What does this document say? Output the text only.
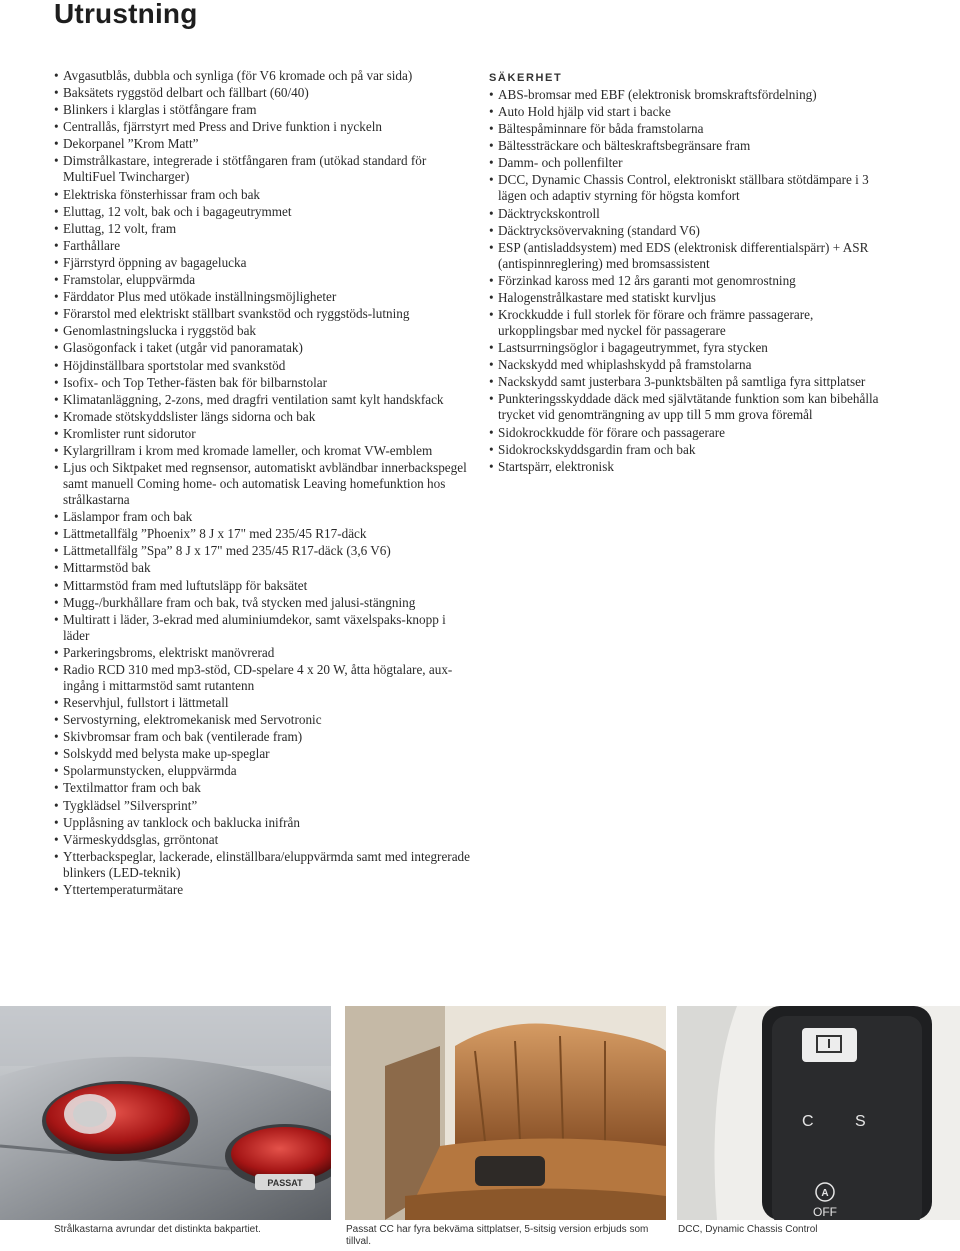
Utrustning
• Avgasutblås, dubbla och synliga (för V6 kromade och på var sida)
• Baksätets ryggstöd delbart och fällbart (60/40)
• Blinkers i klarglas i stötfångare fram
• Centrallås, fjärrstyrt med Press and Drive funktion i nyckeln
• Dekorpanel ”Krom Matt”
• Dimstrålkastare, integrerade i stötfångaren fram (utökad standard för MultiFuel Twincharger)
• Elektriska fönsterhissar fram och bak
• Eluttag, 12 volt, bak och i bagageutrymmet
• Eluttag, 12 volt, fram
• Farthållare
• Fjärrstyrd öppning av bagagelucka
• Framstolar, eluppvärmda
• Färddator Plus med utökade inställningsmöjligheter
• Förarstol med elektriskt ställbart svankstöd och ryggstöds-lutning
• Genomlastningslucka i ryggstöd bak
• Glasögonfack i taket (utgår vid panoramatak)
• Höjdinställbara sportstolar med svankstöd
• Isofix- och Top Tether-fästen bak för bilbarnstolar
• Klimatanläggning, 2-zons, med dragfri ventilation samt kylt handskfack
• Kromade stötskyddslister längs sidorna och bak
• Kromlister runt sidorutor
• Kylargrillram i krom med kromade lameller, och kromat VW-emblem
• Ljus och Siktpaket med regnsensor, automatiskt avbländbar innerbackspegel samt manuell Coming home- och automatisk Leaving homefunktion hos strålkastarna
• Läslampor fram och bak
• Lättmetallfälg ”Phoenix” 8 J x 17" med 235/45 R17-däck
• Lättmetallfälg ”Spa” 8 J x 17" med 235/45 R17-däck (3,6 V6)
• Mittarmstöd bak
• Mittarmstöd fram med luftutsläpp för baksätet
• Mugg-/burkhållare fram och bak, två stycken med jalusi-stängning
• Multiratt i läder, 3-ekrad med aluminiumdekor, samt växelspaks-knopp i läder
• Parkeringsbroms, elektriskt manövrerad
• Radio RCD 310 med mp3-stöd, CD-spelare 4 x 20 W, åtta högtalare, aux-ingång i mittarmstöd samt rutantenn
• Reservhjul, fullstort i lättmetall
• Servostyrning, elektromekanisk med Servotronic
• Skivbromsar fram och bak (ventilerade fram)
• Solskydd med belysta make up-speglar
• Spolarmunstycken, eluppvärmda
• Textilmattor fram och bak
• Tygklädsel ”Silversprint”
• Upplåsning av tanklock och baklucka inifrån
• Värmeskyddsglas, grröntonat
• Ytterbackspeglar, lackerade, elinställbara/eluppvärmda samt med integrerade blinkers (LED-teknik)
• Yttertemperaturmätare
SÄKERHET
• ABS-bromsar med EBF (elektronisk bromskraftsfördelning)
• Auto Hold hjälp vid start i backe
• Bältespåminnare för båda framstolarna
• Bältessträckare och bälteskraftsbegränsare fram
• Damm- och pollenfilter
• DCC, Dynamic Chassis Control, elektroniskt ställbara stötdämpare i 3 lägen och adaptiv styrning för högsta komfort
• Däcktryckskontroll
• Däcktrycksövervakning (standard V6)
• ESP (antisladdsystem) med EDS (elektronisk differentialspärr) + ASR (antispinnreglering) med bromsassistent
• Förzinkad kaross med 12 års garanti mot genomrostning
• Halogenstrålkastare med statiskt kurvljus
• Krockkudde i full storlek för förare och främre passagerare, urkopplingsbar med nyckel för passagerare
• Lastsurrningsöglor i bagageutrymmet, fyra stycken
• Nackskydd med whiplashskydd på framstolarna
• Nackskydd samt justerbara 3-punktsbälten på samtliga fyra sittplatser
• Punkteringsskyddade däck med självtätande funktion som kan bibehålla trycket vid genomträngning av upp till 5 mm grova föremål
• Sidokrockkudde för förare och passagerare
• Sidokrockskyddsgardin fram och bak
• Startspärr, elektronisk
PASSAT
C	S
A
OFF
Strålkastarna avrundar det distinkta bakpartiet.	Passat CC har fyra bekväma sittplatser, 5-sitsig version erbjuds som tillval.
DCC, Dynamic Chassis Control
